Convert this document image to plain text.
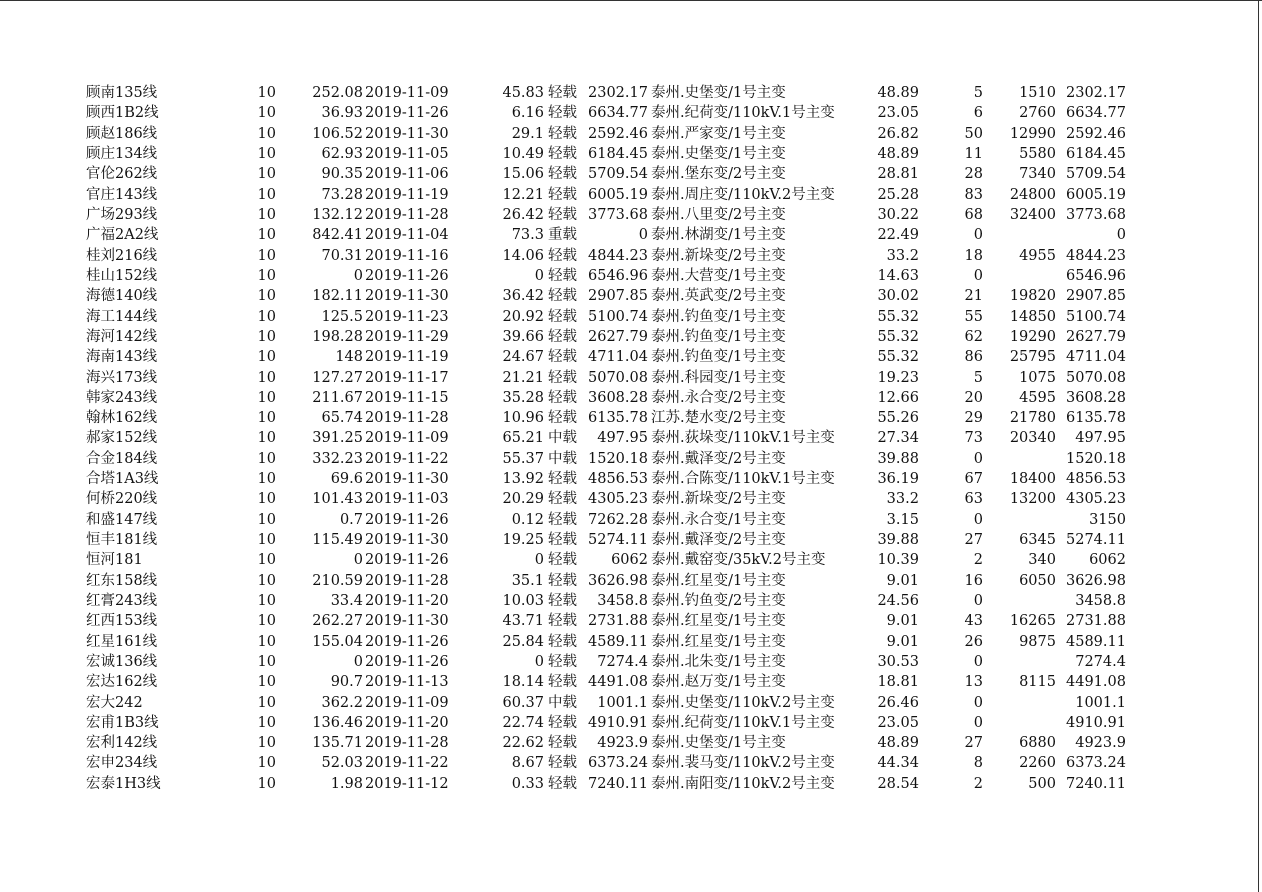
顾南135线	10	252.08	2019-11-09	45.83	轻载	2302.17	泰州.史堡变/1号主变	48.89	5	1510	2302.17
顾西1B2线	10	36.93	2019-11-26	6.16	轻载	6634.77	泰州.纪荷变/110kV.1号主变	23.05	6	2760	6634.77
顾赵186线	10	106.52	2019-11-30	29.1	轻载	2592.46	泰州.严家变/1号主变	26.82	50	12990	2592.46
顾庄134线	10	62.93	2019-11-05	10.49	轻载	6184.45	泰州.史堡变/1号主变	48.89	11	5580	6184.45
官伦262线	10	90.35	2019-11-06	15.06	轻载	5709.54	泰州.堡东变/2号主变	28.81	28	7340	5709.54
官庄143线	10	73.28	2019-11-19	12.21	轻载	6005.19	泰州.周庄变/110kV.2号主变	25.28	83	24800	6005.19
广场293线	10	132.12	2019-11-28	26.42	轻载	3773.68	泰州.八里变/2号主变	30.22	68	32400	3773.68
广福2A2线	10	842.41	2019-11-04	73.3	重载	0	泰州.林湖变/1号主变	22.49	0		0
桂刘216线	10	70.31	2019-11-16	14.06	轻载	4844.23	泰州.新垛变/2号主变	33.2	18	4955	4844.23
桂山152线	10	0	2019-11-26	0	轻载	6546.96	泰州.大营变/1号主变	14.63	0		6546.96
海德140线	10	182.11	2019-11-30	36.42	轻载	2907.85	泰州.英武变/2号主变	30.02	21	19820	2907.85
海工144线	10	125.5	2019-11-23	20.92	轻载	5100.74	泰州.钓鱼变/1号主变	55.32	55	14850	5100.74
海河142线	10	198.28	2019-11-29	39.66	轻载	2627.79	泰州.钓鱼变/1号主变	55.32	62	19290	2627.79
海南143线	10	148	2019-11-19	24.67	轻载	4711.04	泰州.钓鱼变/1号主变	55.32	86	25795	4711.04
海兴173线	10	127.27	2019-11-17	21.21	轻载	5070.08	泰州.科园变/1号主变	19.23	5	1075	5070.08
韩家243线	10	211.67	2019-11-15	35.28	轻载	3608.28	泰州.永合变/2号主变	12.66	20	4595	3608.28
翰林162线	10	65.74	2019-11-28	10.96	轻载	6135.78	江苏.楚水变/2号主变	55.26	29	21780	6135.78
郝家152线	10	391.25	2019-11-09	65.21	中载	497.95	泰州.荻垛变/110kV.1号主变	27.34	73	20340	497.95
合金184线	10	332.23	2019-11-22	55.37	中载	1520.18	泰州.戴泽变/2号主变	39.88	0		1520.18
合塔1A3线	10	69.6	2019-11-30	13.92	轻载	4856.53	泰州.合陈变/110kV.1号主变	36.19	67	18400	4856.53
何桥220线	10	101.43	2019-11-03	20.29	轻载	4305.23	泰州.新垛变/2号主变	33.2	63	13200	4305.23
和盛147线	10	0.7	2019-11-26	0.12	轻载	7262.28	泰州.永合变/1号主变	3.15	0		3150
恒丰181线	10	115.49	2019-11-30	19.25	轻载	5274.11	泰州.戴泽变/2号主变	39.88	27	6345	5274.11
恒河181	10	0	2019-11-26	0	轻载	6062	泰州.戴窑变/35kV.2号主变	10.39	2	340	6062
红东158线	10	210.59	2019-11-28	35.1	轻载	3626.98	泰州.红星变/1号主变	9.01	16	6050	3626.98
红膏243线	10	33.4	2019-11-20	10.03	轻载	3458.8	泰州.钓鱼变/2号主变	24.56	0		3458.8
红西153线	10	262.27	2019-11-30	43.71	轻载	2731.88	泰州.红星变/1号主变	9.01	43	16265	2731.88
红星161线	10	155.04	2019-11-26	25.84	轻载	4589.11	泰州.红星变/1号主变	9.01	26	9875	4589.11
宏诚136线	10	0	2019-11-26	0	轻载	7274.4	泰州.北朱变/1号主变	30.53	0		7274.4
宏达162线	10	90.7	2019-11-13	18.14	轻载	4491.08	泰州.赵万变/1号主变	18.81	13	8115	4491.08
宏大242	10	362.2	2019-11-09	60.37	中载	1001.1	泰州.史堡变/110kV.2号主变	26.46	0		1001.1
宏甫1B3线	10	136.46	2019-11-20	22.74	轻载	4910.91	泰州.纪荷变/110kV.1号主变	23.05	0		4910.91
宏利142线	10	135.71	2019-11-28	22.62	轻载	4923.9	泰州.史堡变/1号主变	48.89	27	6880	4923.9
宏申234线	10	52.03	2019-11-22	8.67	轻载	6373.24	泰州.裴马变/110kV.2号主变	44.34	8	2260	6373.24
宏泰1H3线	10	1.98	2019-11-12	0.33	轻载	7240.11	泰州.南阳变/110kV.2号主变	28.54	2	500	7240.11
